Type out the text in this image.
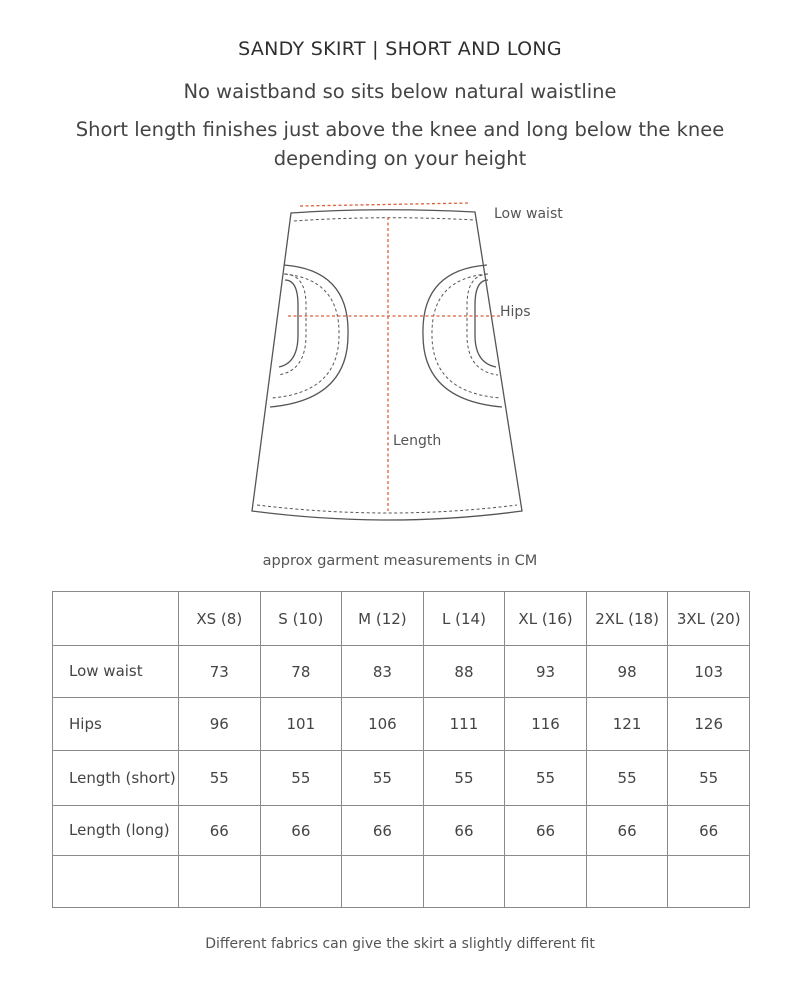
SANDY SKIRT | SHORT AND LONG
No waistband so sits below natural waistline
Short length finishes just above the knee and long below the knee
depending on your height
Low waist
Hips
Length
approx garment measurements in CM
	XS (8)	S (10)	M (12)	L (14)	XL (16)	2XL (18)	3XL (20)
Low waist	73	78	83	88	93	98	103
Hips	96	101	106	111	116	121	126
Length (short)	55	55	55	55	55	55	55
Length (long)	66	66	66	66	66	66	66

Different fabrics can give the skirt a slightly different fit
